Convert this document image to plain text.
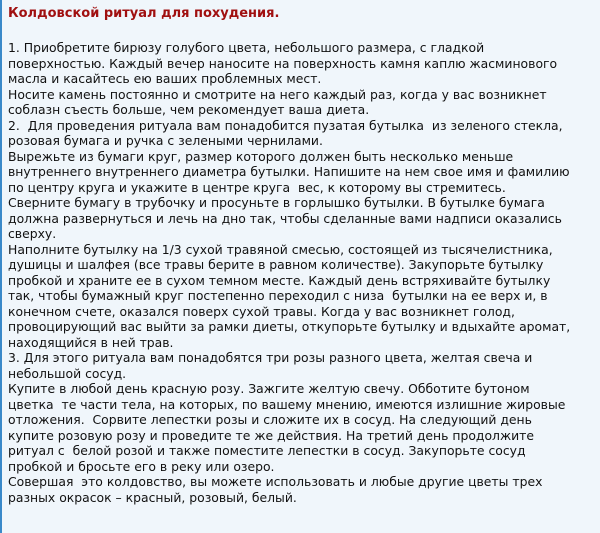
Колдовской ритуал для похудения.
1. Приобретите бирюзу голубого цвета, небольшого размера, с гладкой
поверхностью. Каждый вечер наносите на поверхность камня каплю жасминового
масла и касайтесь ею ваших проблемных мест.
Носите камень постоянно и смотрите на него каждый раз, когда у вас возникнет
соблазн съесть больше, чем рекомендует ваша диета.
2.  Для проведения ритуала вам понадобится пузатая бутылка  из зеленого стекла,
розовая бумага и ручка с зелеными чернилами.
Вырежьте из бумаги круг, размер которого должен быть несколько меньше
внутреннего внутреннего диаметра бутылки. Напишите на нем свое имя и фамилию
по центру круга и укажите в центре круга  вес, к которому вы стремитесь.
Сверните бумагу в трубочку и просуньте в горлышко бутылки. В бутылке бумага
должна развернуться и лечь на дно так, чтобы сделанные вами надписи оказались
сверху.
Наполните бутылку на 1/3 сухой травяной смесью, состоящей из тысячелистника,
душицы и шалфея (все травы берите в равном количестве). Закупорьте бутылку
пробкой и храните ее в сухом темном месте. Каждый день встряхивайте бутылку
так, чтобы бумажный круг постепенно переходил с низа  бутылки на ее верх и, в
конечном счете, оказался поверх сухой травы. Когда у вас возникнет голод,
провоцирующий вас выйти за рамки диеты, откупорьте бутылку и вдыхайте аромат,
находящийся в ней трав.
3. Для этого ритуала вам понадобятся три розы разного цвета, желтая свеча и
небольшой сосуд.
Купите в любой день красную розу. Зажгите желтую свечу. Обботите бутоном
цветка  те части тела, на которых, по вашему мнению, имеются излишние жировые
отложения.  Сорвите лепестки розы и сложите их в сосуд. На следующий день
купите розовую розу и проведите те же действия. На третий день продолжите
ритуал с  белой розой и также поместите лепестки в сосуд. Закупорьте сосуд
пробкой и бросьте его в реку или озеро.
Совершая  это колдовство, вы можете использовать и любые другие цветы трех
разных окрасок – красный, розовый, белый.
